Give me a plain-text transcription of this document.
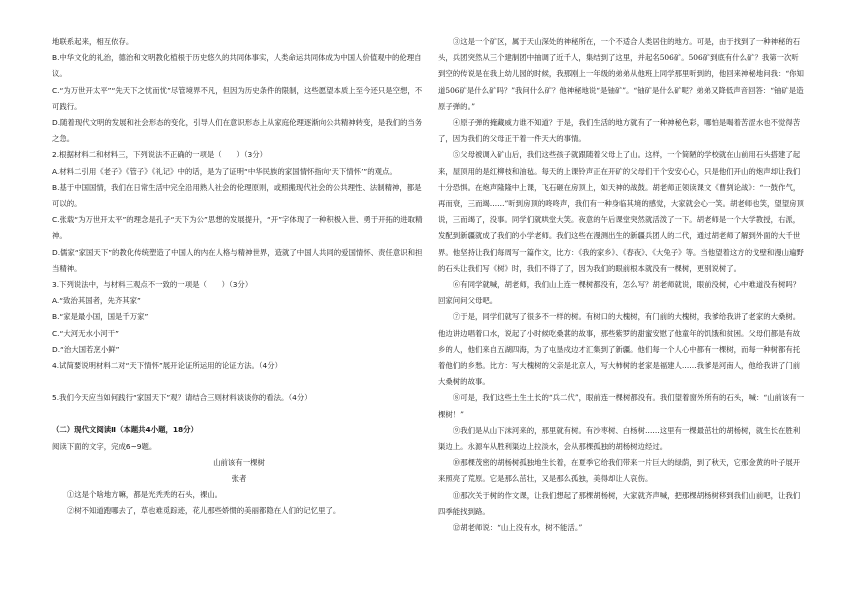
地联系起来，相互依存。

B.中华文化的礼治，德治和文明教化植根于历史悠久的共同体事实，人类命运共同体成为中国人价值观中的伦理自议。

C.“为万世开太平”“先天下之忧而忧”尽管境界不凡，但因为历史条件的限制，这些愿望本质上至今还只是空想，不可践行。

D.随着现代文明的发展和社会形态的变化，引导人们在意识形态上从家庭伦理逐渐向公共精神转变，是我们的当务之急。

2.根据材料二和材料三，下列说法不正确的一项是（　　）（3分）

A.材料二引用《老子》《管子》《礼记》中的话，是为了证明“中华民族的家国情怀指向‘天下情怀’”的观点。

B.基于中国国情，我们在日常生活中完全沿用熟人社会的伦理原则，或照搬现代社会的公共理性、法制精神，都是可以的。

C.张载“为万世开太平”的理念是孔子“天下为公”思想的发展提升，“开”字体现了一种积极入世、勇于开拓的进取精神。

D.儒家“家国天下”的教化传统塑造了中国人的内在人格与精神世界，造就了中国人共同的爱国情怀、责任意识和担当精神。

3.下列说法中，与材料三观点不一致的一项是（　　）（3分）

A.“致治其国者，先齐其家”

B.“家是最小国，国是千万家”

C.“大河无水小河干”

D.“治大国若烹小鲜”

4.试简要说明材料二对“天下情怀”展开论证所运用的论证方法。（4分）

5.我们今天应当如何践行“家国天下”观？请结合三则材料谈谈你的看法。（4分）

（二）现代文阅读Ⅱ（本题共4小题，18分）

阅读下面的文字，完成6~9题。

山前该有一棵树

张者

①这是个啥地方嘛，都是光秃秃的石头，裸山。

②树不知道跑哪去了，草也难觅踪迹，花儿那些娇惯的美丽都隐在人们的记忆里了。

③这是一个矿区，属于天山深处的神秘所在，一个不适合人类居住的地方。可是，由于找到了一种神秘的石头，兵团突然从三个建制团中抽调了近千人，集结到了这里，并起名506矿。506矿到底有什么矿？我第一次听到空的传说是在我上幼儿园的时候，我那刚上一年级的弟弟从他班上同学那里听到的，他回来神秘地问我：“你知道506矿是什么矿吗？”我问什么矿？他神秘地说“是铀矿”。“铀矿是什么矿呢？弟弟又降低声音回答：“铀矿是造原子弹的。”

④原子弹的掩藏威力谁不知道？于是，我们生活的地方就有了一种神秘色彩，哪怕是喝着苦涩水也不觉得苦了，因为我们的父母正干着一件天大的事情。

⑤父母被调入矿山后，我们这些孩子就跟随着父母上了山。这样，一个简陋的学校就在山前用石头搭建了起来，屋顶用的是红柳枝和油毡。每天的上课铃声正在开矿的父母们干个安安心心，只是他们开山的炮声却让我们十分恐惧。在炮声隆隆中上课，飞石砸在房顶上，如天神的战鼓。胡老师正领读课文《曹刿论战》：“一鼓作气，再而衰，三而竭……”听到房顶的咚咚声，我们有一种身临其境的感觉，大家就会心一笑。胡老师也笑，望望房顶说，三而竭了，没事。同学们就哄堂大笑。夜意的午后课堂突然就活泼了一下。胡老师是一个大学教授，右派，发配到新疆就成了我们的小学老师。我们这些在漫测出生的新疆兵团人的二代，通过胡老师了解到外面的大千世界。他坚持让我们每周写一篇作文，比方：《我的家乡》、《春夜》、《大兔子》等。当他望着这方的戈壁和漫山遍野的石头让我们写《树》时，我们不得了了，因为我们的眼前根本就没有一棵树，更别说树了。

⑥有同学就喊，胡老师，我们山上连一棵树都没有，怎么写？胡老师就说，眼前没树，心中难道没有树吗？回家问问父母吧。

⑦于是，同学们就写了很多不一样的树。有树口的大槐树，有门前的大槐树，我爹给我讲了老家的大桑树。他边讲边唱着口水，说起了小时候吃桑葚的故事，那些紫罗的甜蜜安慰了他童年的饥饿和贫困。父母们都是有故乡的人，他们来自五湖四海，为了屯垦戍边才汇集到了新疆。他们每一个人心中都有一棵树，而每一种树都有托着他们的乡愁。比方：写大槐树的父亲是北京人，写大柿树的老家是福建人……我爹是河南人，他给我讲了门前大桑树的故事。

⑧可是，我们这些土生土长的“兵二代”，眼前连一棵树都没有。我们望着窗外所有的石头，喊：“山前该有一棵树！”

⑨我们是从山下沫河来的，那里就有树。有沙枣树、白杨树……这里有一棵最茁壮的胡杨树，就生长在胜利渠边上。永源车从胜利渠边上拉淡水，会从那棵孤独的胡杨树边经过。

⑩那棵茂密的胡杨树孤独地生长着，在夏季它给我们带来一片巨大的绿荫，到了秋天，它那金黄的叶子展开来照亮了荒原。它是那么茁壮，又是那么孤独，美得却让人哀伤。

⑪那次关于树的作文课，让我们想起了那棵胡杨树，大家就齐声喊，把那棵胡杨树移到我们山前吧，让我们四季能找到路。

⑫胡老师说：“山上没有水，树不能活。”
